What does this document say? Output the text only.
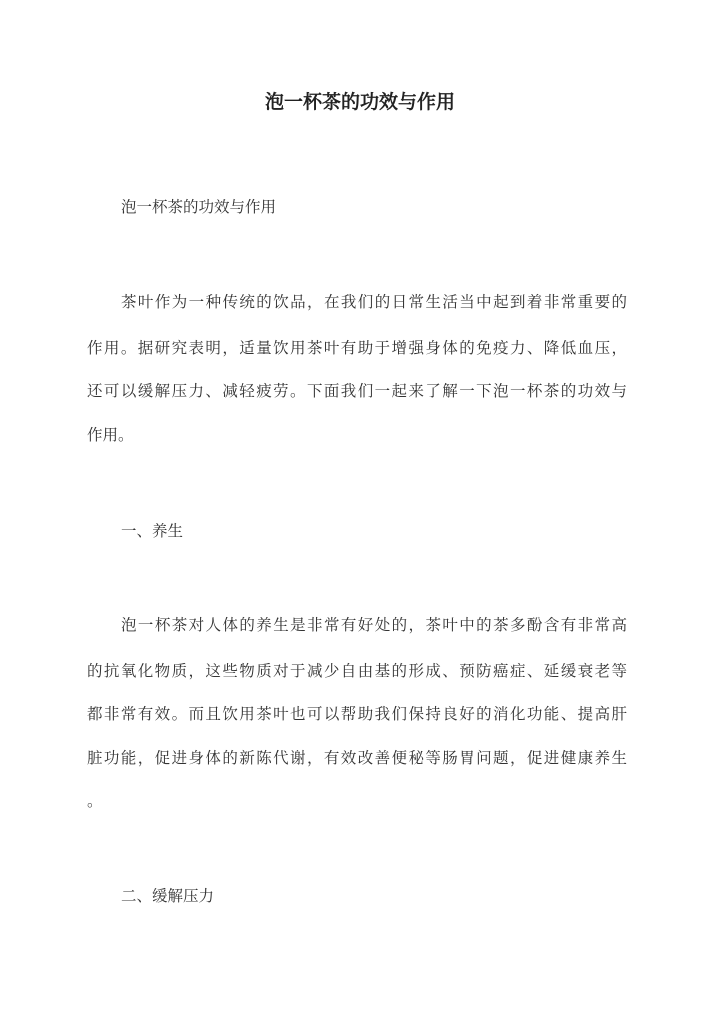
泡一杯茶的功效与作用

泡一杯茶的功效与作用

茶叶作为一种传统的饮品，在我们的日常生活当中起到着非常重要的

作用。据研究表明，适量饮用茶叶有助于增强身体的免疫力、降低血压，

还可以缓解压力、减轻疲劳。下面我们一起来了解一下泡一杯茶的功效与

作用。

一、养生

泡一杯茶对人体的养生是非常有好处的，茶叶中的茶多酚含有非常高

的抗氧化物质，这些物质对于减少自由基的形成、预防癌症、延缓衰老等

都非常有效。而且饮用茶叶也可以帮助我们保持良好的消化功能、提高肝

脏功能，促进身体的新陈代谢，有效改善便秘等肠胃问题，促进健康养生

。

二、缓解压力
